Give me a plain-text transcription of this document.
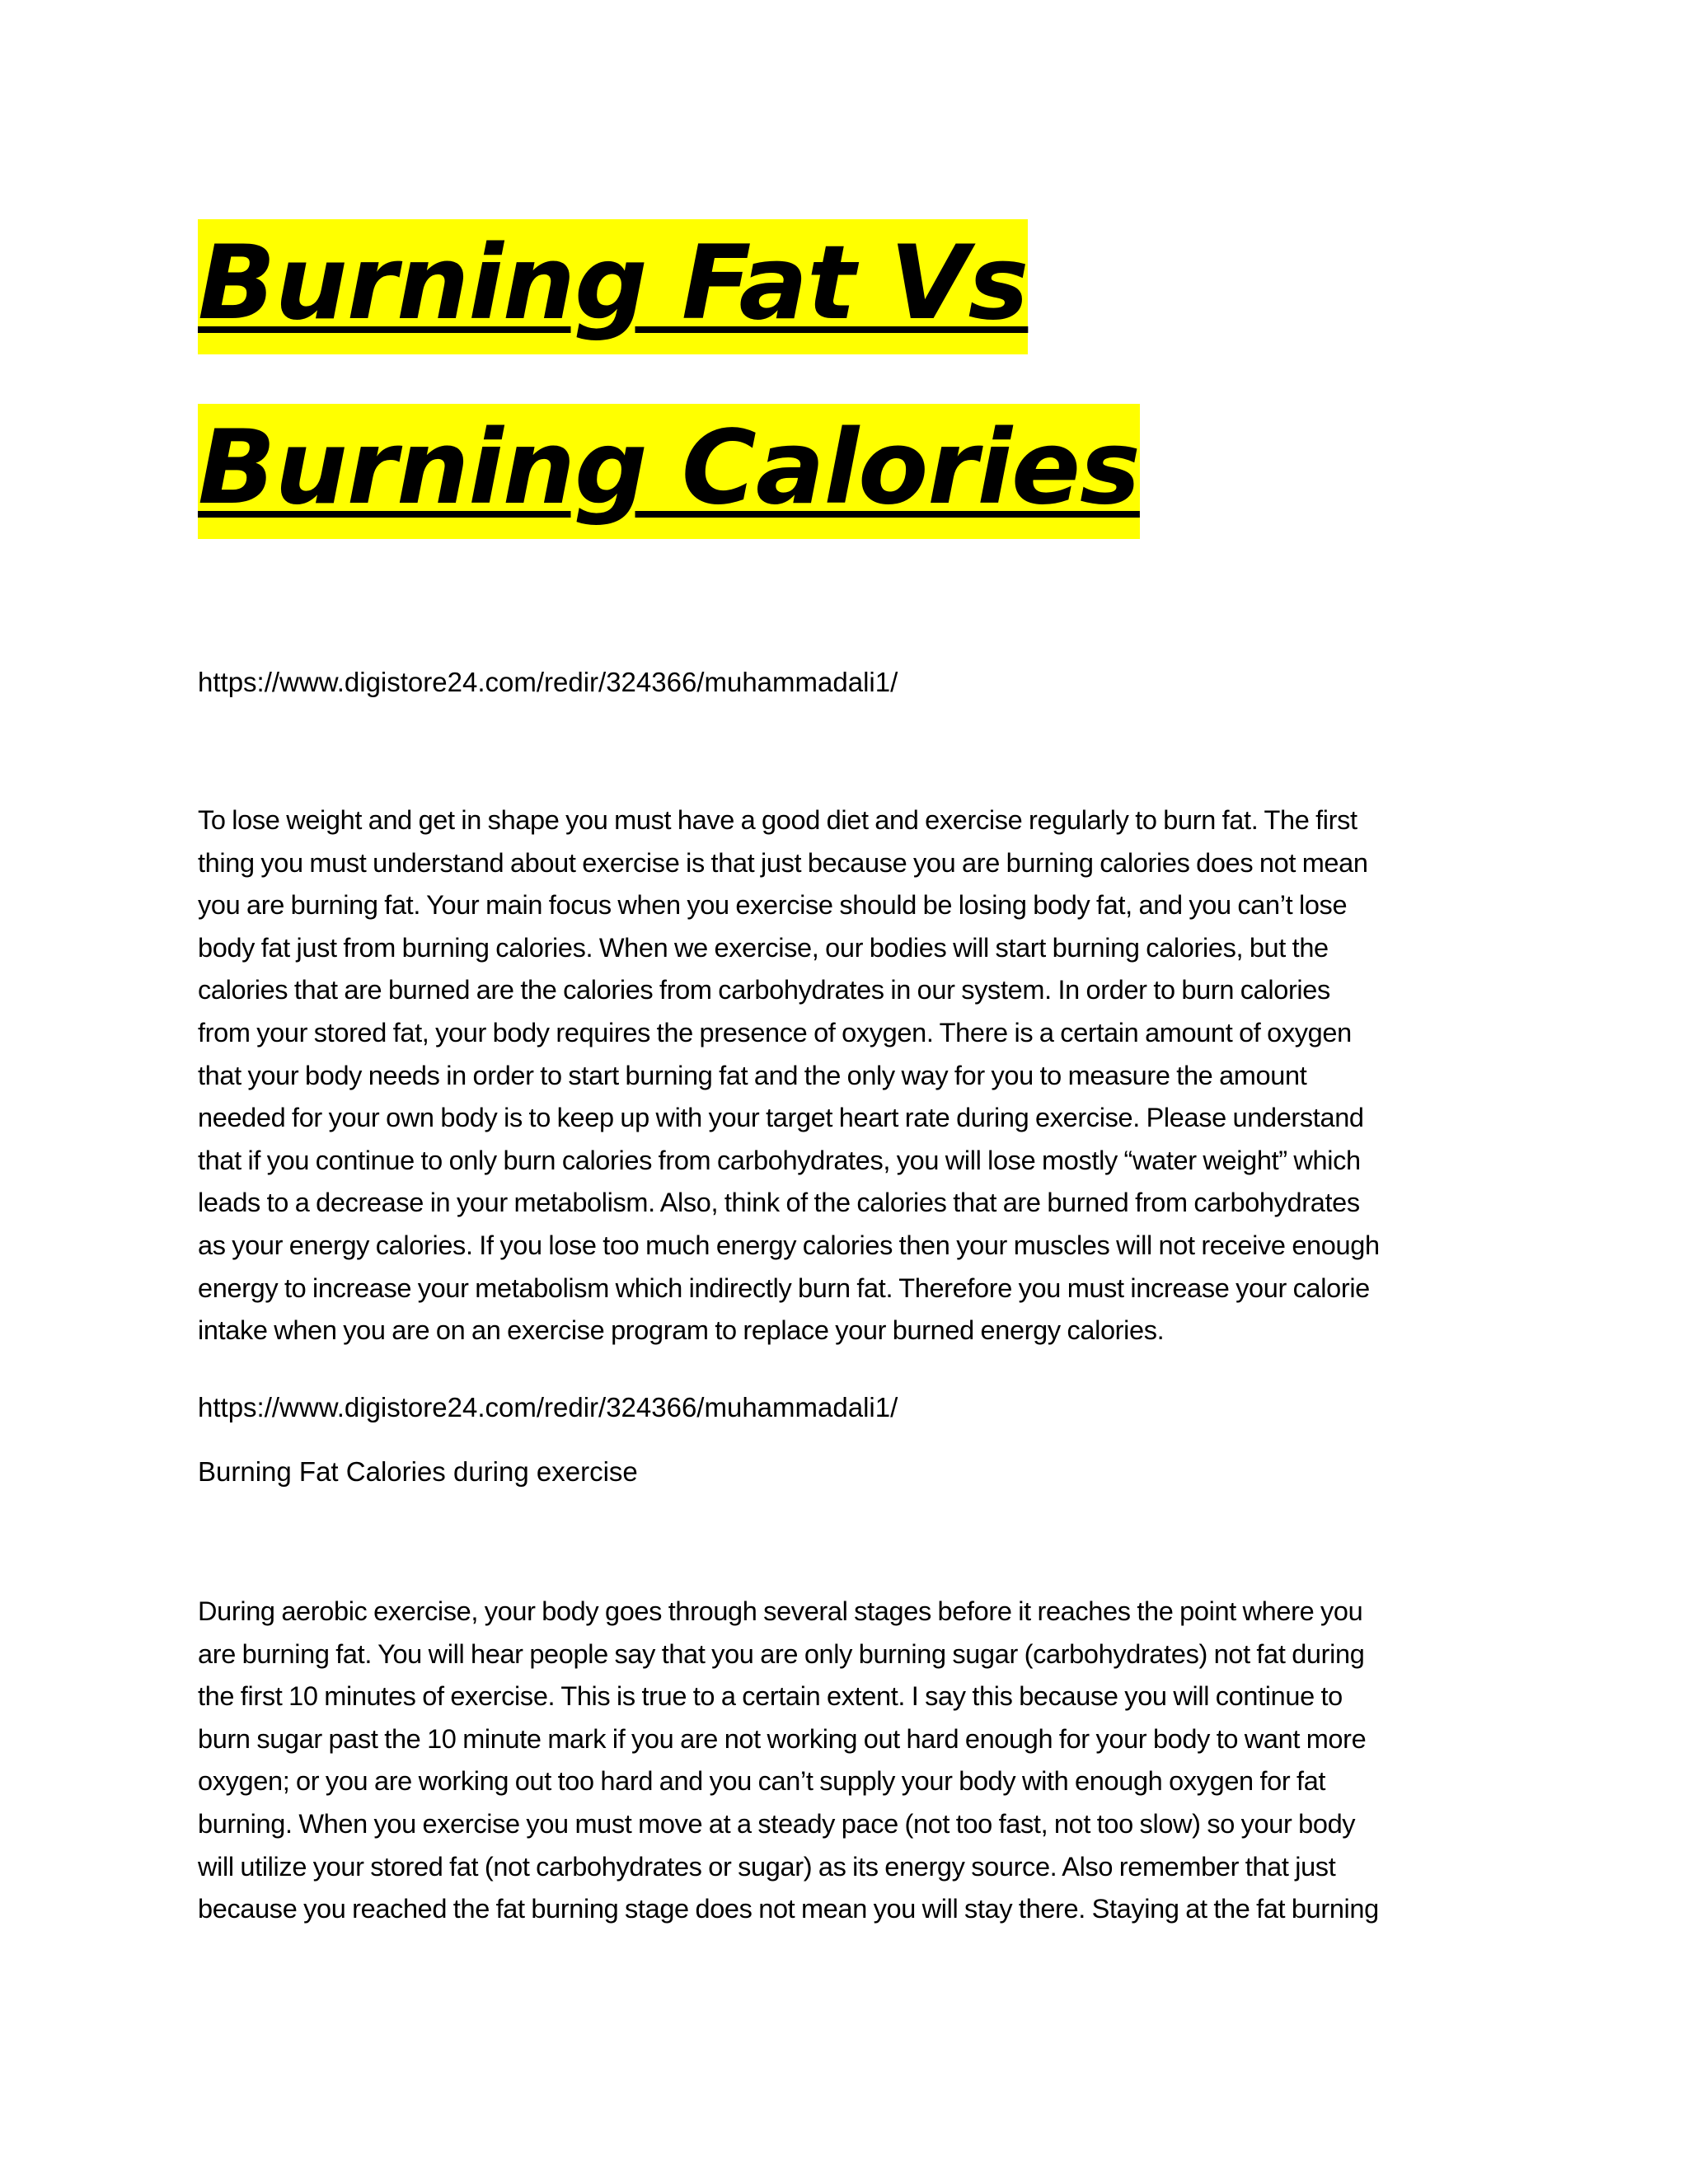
Burning Fat Vs Burning Calories

https://www.digistore24.com/redir/324366/muhammadali1/

To lose weight and get in shape you must have a good diet and exercise regularly to burn fat. The first
thing you must understand about exercise is that just because you are burning calories does not mean
you are burning fat. Your main focus when you exercise should be losing body fat, and you can’t lose
body fat just from burning calories. When we exercise, our bodies will start burning calories, but the
calories that are burned are the calories from carbohydrates in our system. In order to burn calories
from your stored fat, your body requires the presence of oxygen. There is a certain amount of oxygen
that your body needs in order to start burning fat and the only way for you to measure the amount
needed for your own body is to keep up with your target heart rate during exercise. Please understand
that if you continue to only burn calories from carbohydrates, you will lose mostly “water weight” which
leads to a decrease in your metabolism. Also, think of the calories that are burned from carbohydrates
as your energy calories. If you lose too much energy calories then your muscles will not receive enough
energy to increase your metabolism which indirectly burn fat. Therefore you must increase your calorie
intake when you are on an exercise program to replace your burned energy calories.

https://www.digistore24.com/redir/324366/muhammadali1/

Burning Fat Calories during exercise

During aerobic exercise, your body goes through several stages before it reaches the point where you
are burning fat. You will hear people say that you are only burning sugar (carbohydrates) not fat during
the first 10 minutes of exercise. This is true to a certain extent. I say this because you will continue to
burn sugar past the 10 minute mark if you are not working out hard enough for your body to want more
oxygen; or you are working out too hard and you can’t supply your body with enough oxygen for fat
burning. When you exercise you must move at a steady pace (not too fast, not too slow) so your body
will utilize your stored fat (not carbohydrates or sugar) as its energy source. Also remember that just
because you reached the fat burning stage does not mean you will stay there. Staying at the fat burning
